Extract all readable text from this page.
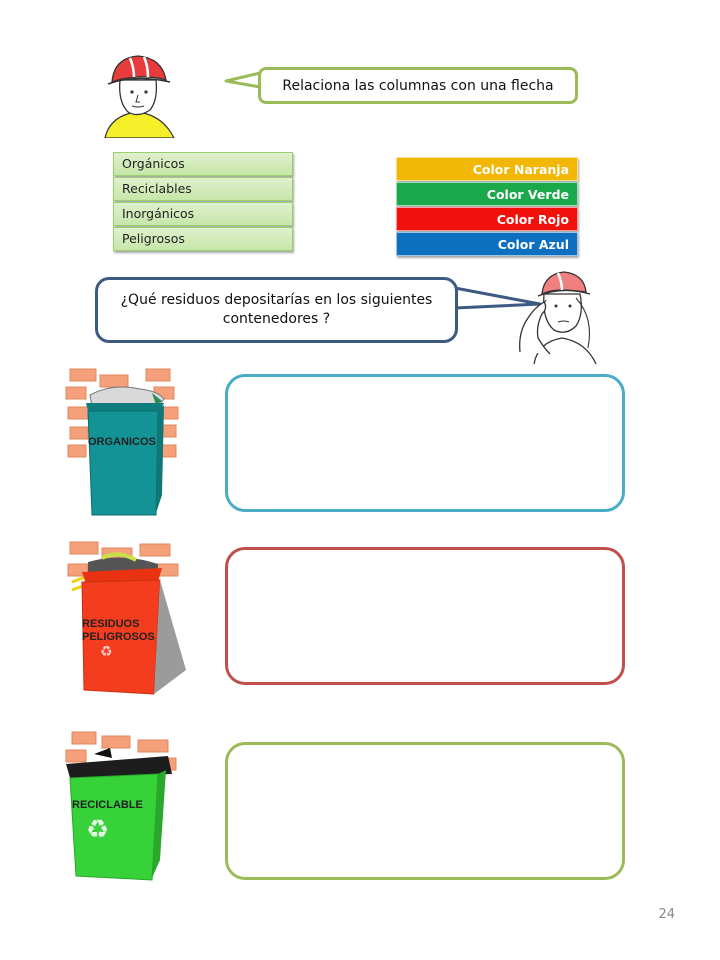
Relaciona las columnas con una flecha
Orgánicos
Reciclables
Inorgánicos
Peligrosos
Color Naranja
Color Verde
Color Rojo
Color Azul
¿Qué residuos depositarías en los siguientes contenedores ?
ORGANICOS
RESIDUOS
PELIGROSOS
♻
RECICLABLE
♻
24
